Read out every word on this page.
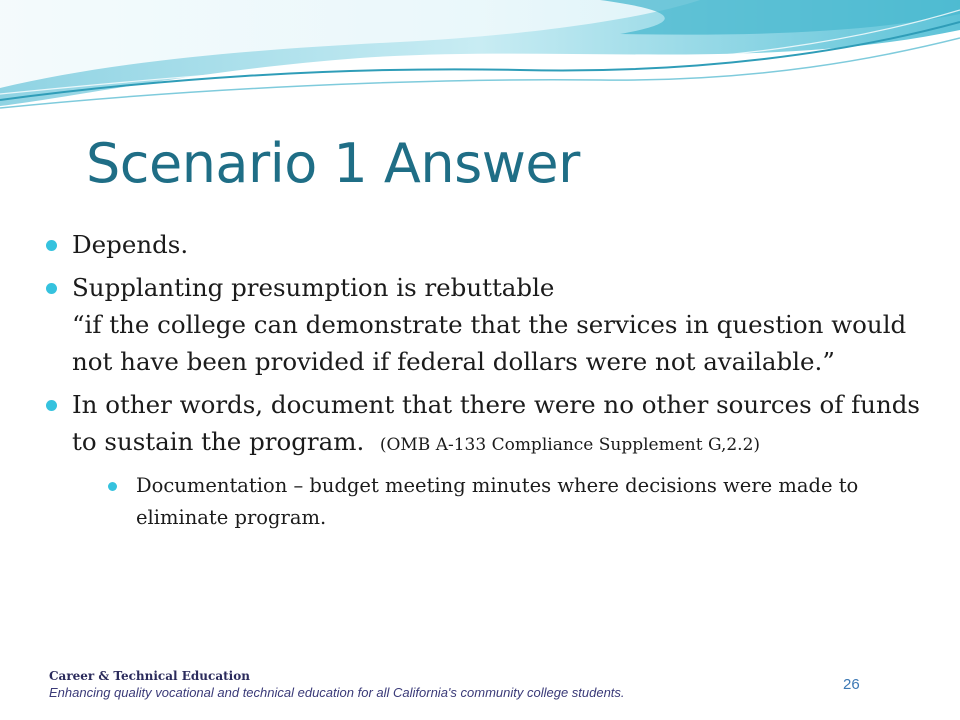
Scenario 1 Answer
Depends.
Supplanting presumption is rebuttable
“if the college can demonstrate that the services in question would not have been provided if federal dollars were not available.”
In other words, document that there were no other sources of funds to sustain the program. (OMB A-133 Compliance Supplement G,2.2)
Documentation – budget meeting minutes where decisions were made to eliminate program.
Career & Technical Education
Enhancing quality vocational and technical education for all California's community college students.	26
